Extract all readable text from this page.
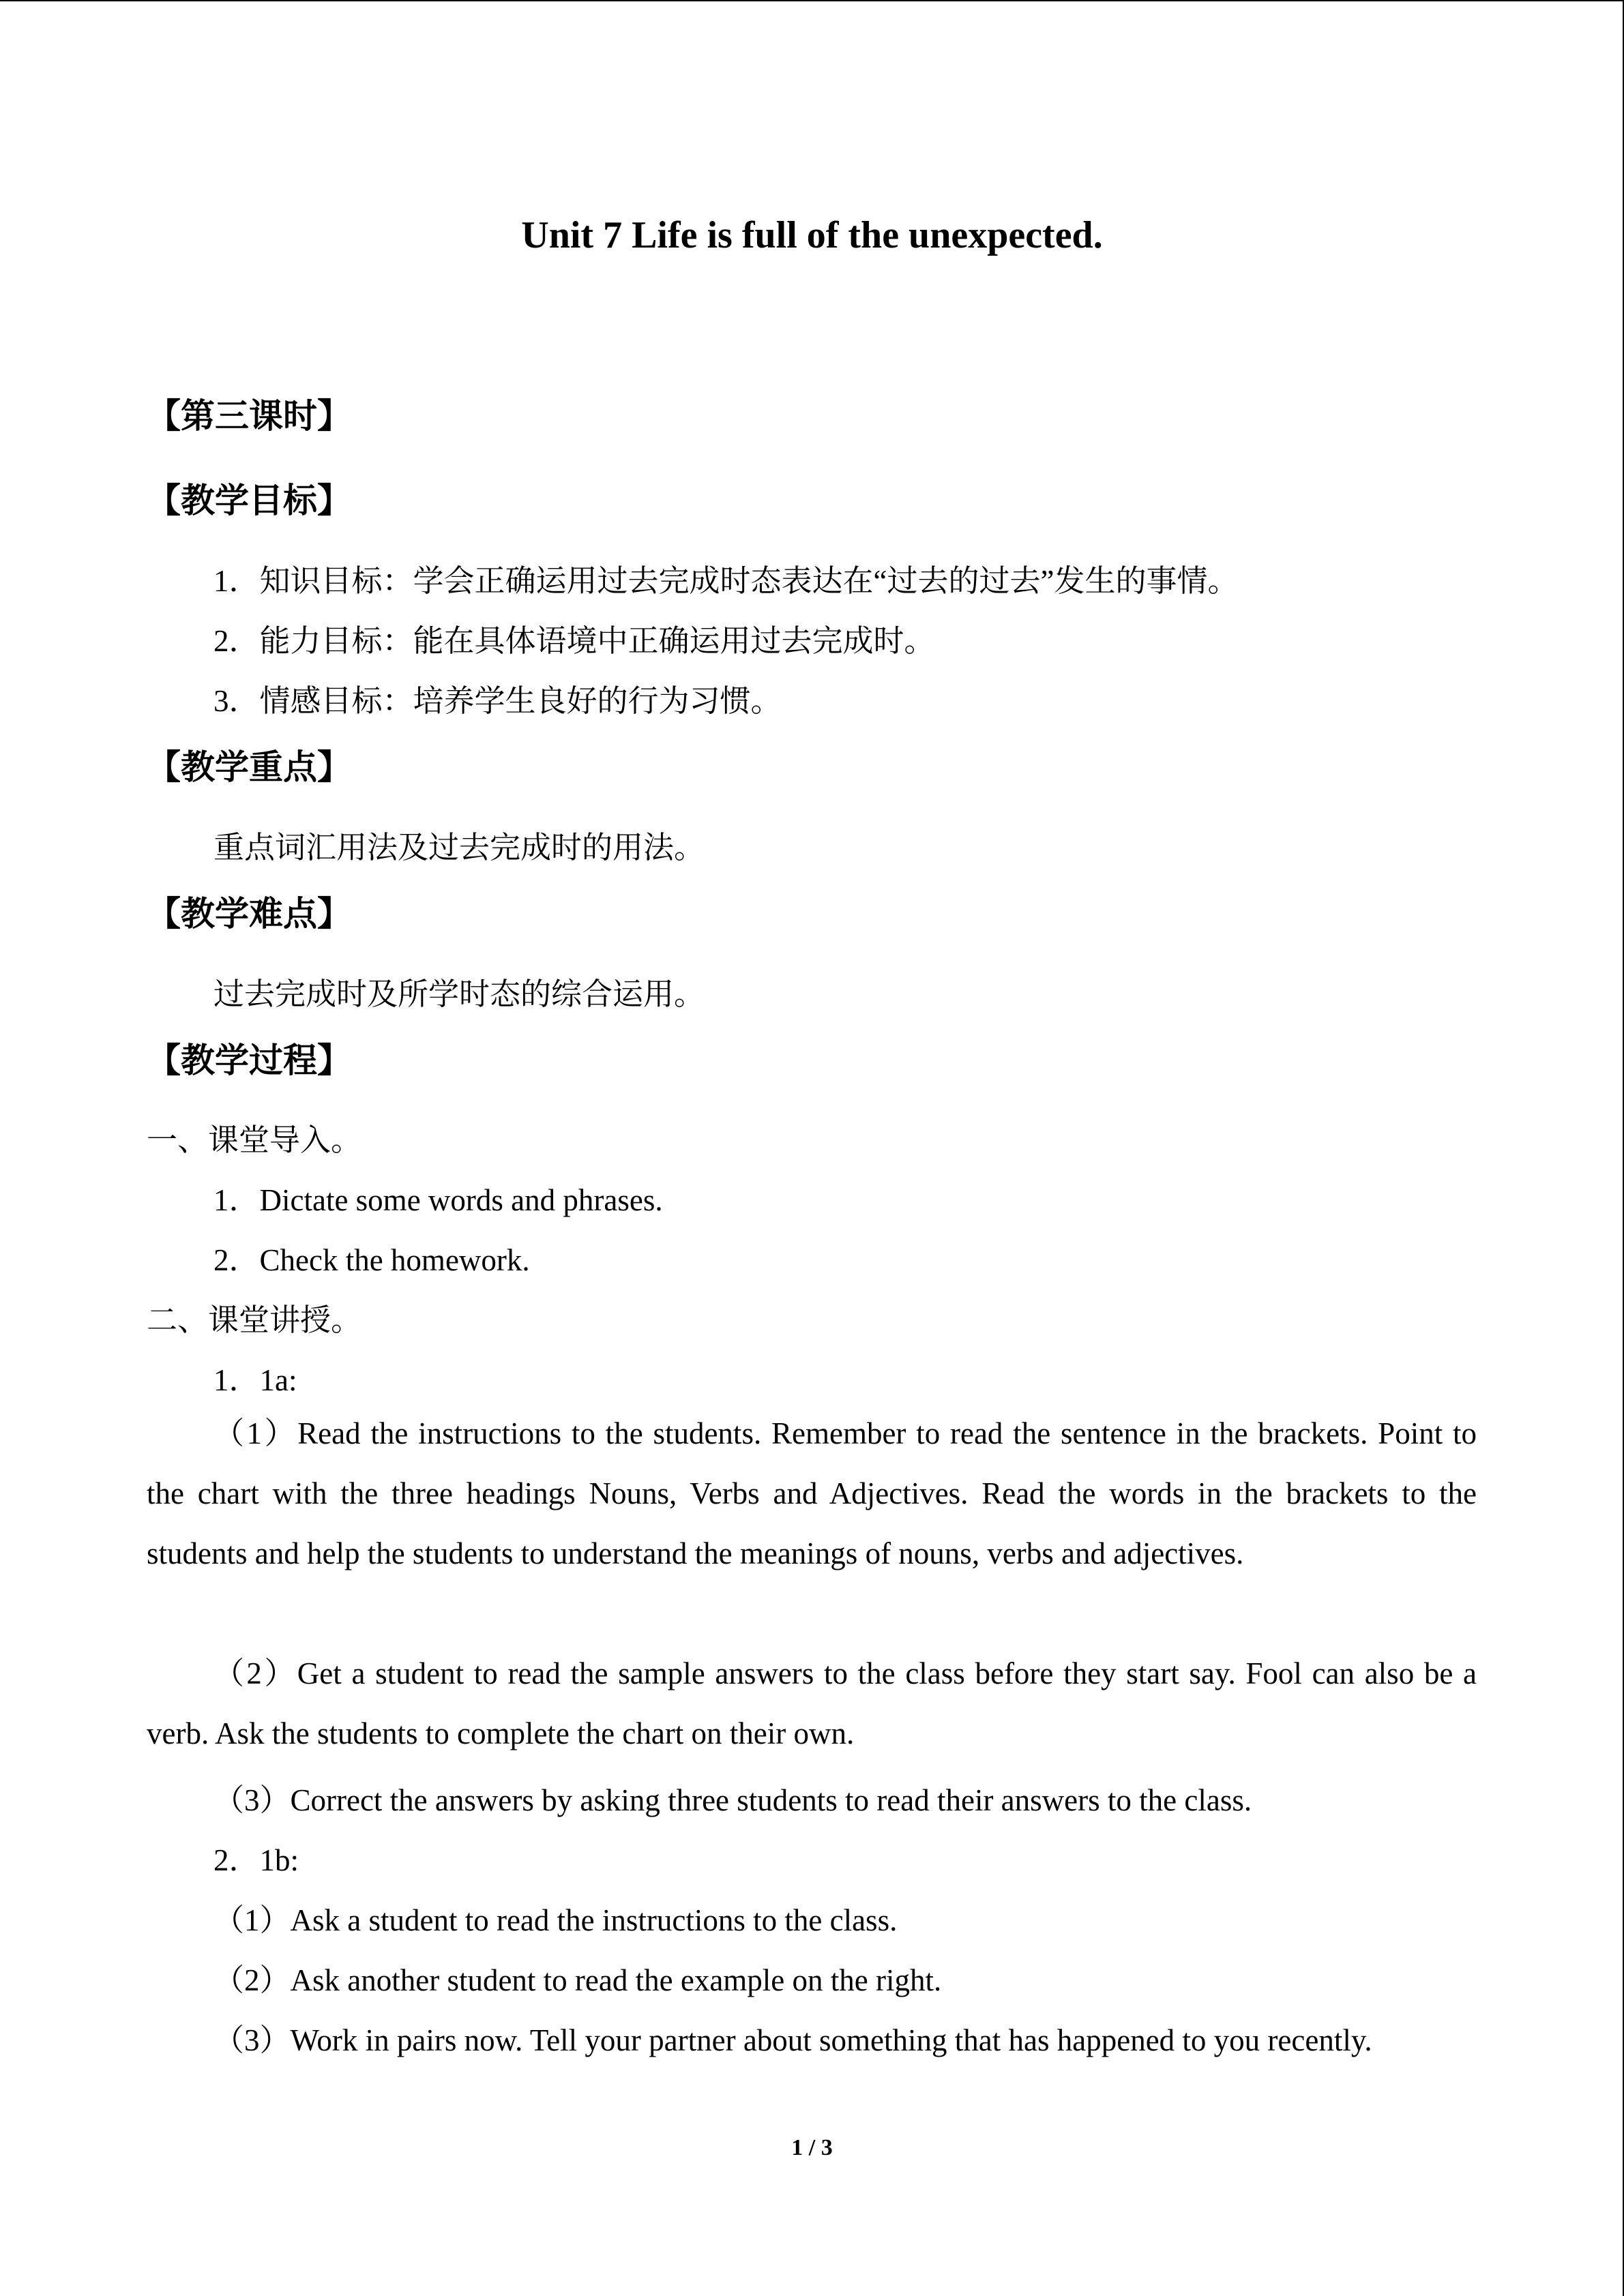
Unit 7 Life is full of the unexpected.
【第三课时】
【教学目标】
1．知识目标：学会正确运用过去完成时态表达在“过去的过去”发生的事情。
2．能力目标：能在具体语境中正确运用过去完成时。
3．情感目标：培养学生良好的行为习惯。
【教学重点】
重点词汇用法及过去完成时的用法。
【教学难点】
过去完成时及所学时态的综合运用。
【教学过程】
一、课堂导入。
1．Dictate some words and phrases.
2．Check the homework.
二、课堂讲授。
1．1a:

（1）Read the instructions to the students. Remember to read the sentence in the brackets. Point to the chart with the three headings Nouns, Verbs and Adjectives. Read the words in the brackets to the students and help the students to understand the meanings of nouns, verbs and adjectives.

（2）Get a student to read the sample answers to the class before they start say. Fool can also be a verb. Ask the students to complete the chart on their own.

（3）Correct the answers by asking three students to read their answers to the class.
2．1b:
（1）Ask a student to read the instructions to the class.
（2）Ask another student to read the example on the right.
（3）Work in pairs now. Tell your partner about something that has happened to you recently.
1 / 3
